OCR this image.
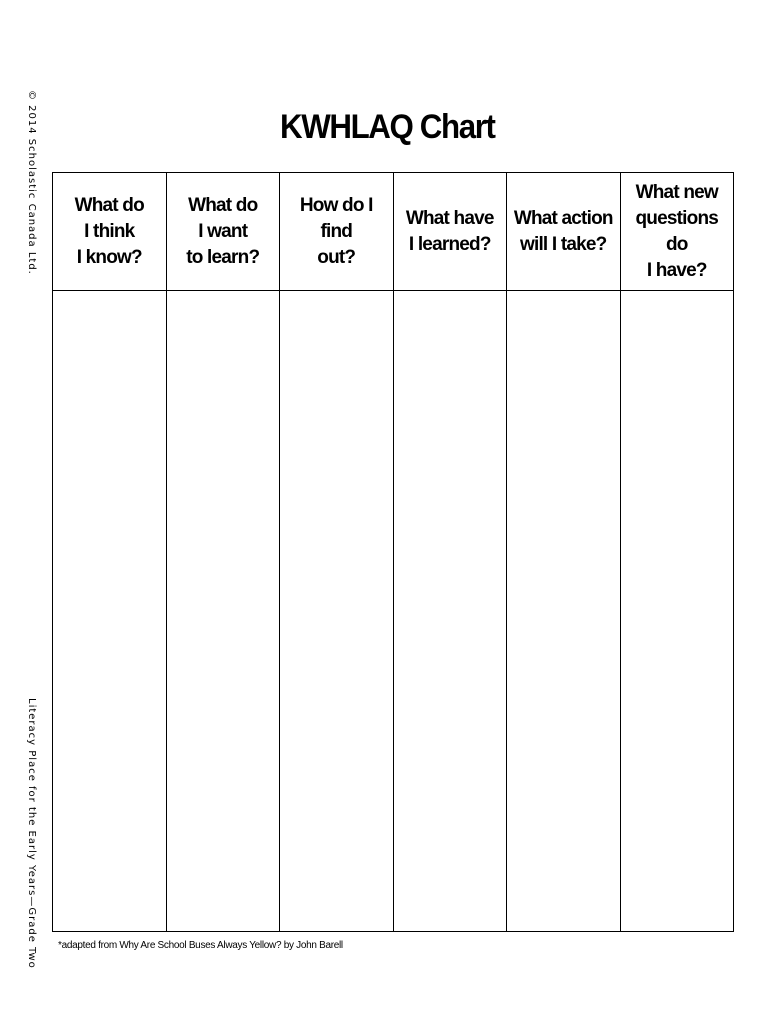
© 2014 Scholastic Canada Ltd.
Literacy Place for the Early Years—Grade Two
KWHLAQ Chart
What do
I think
I know?	What do
I want
to learn?	How do I find
out?	What have
I learned?	What action
will I take?	What new
questions do
I have?

*adapted from Why Are School Buses Always Yellow? by John Barell
